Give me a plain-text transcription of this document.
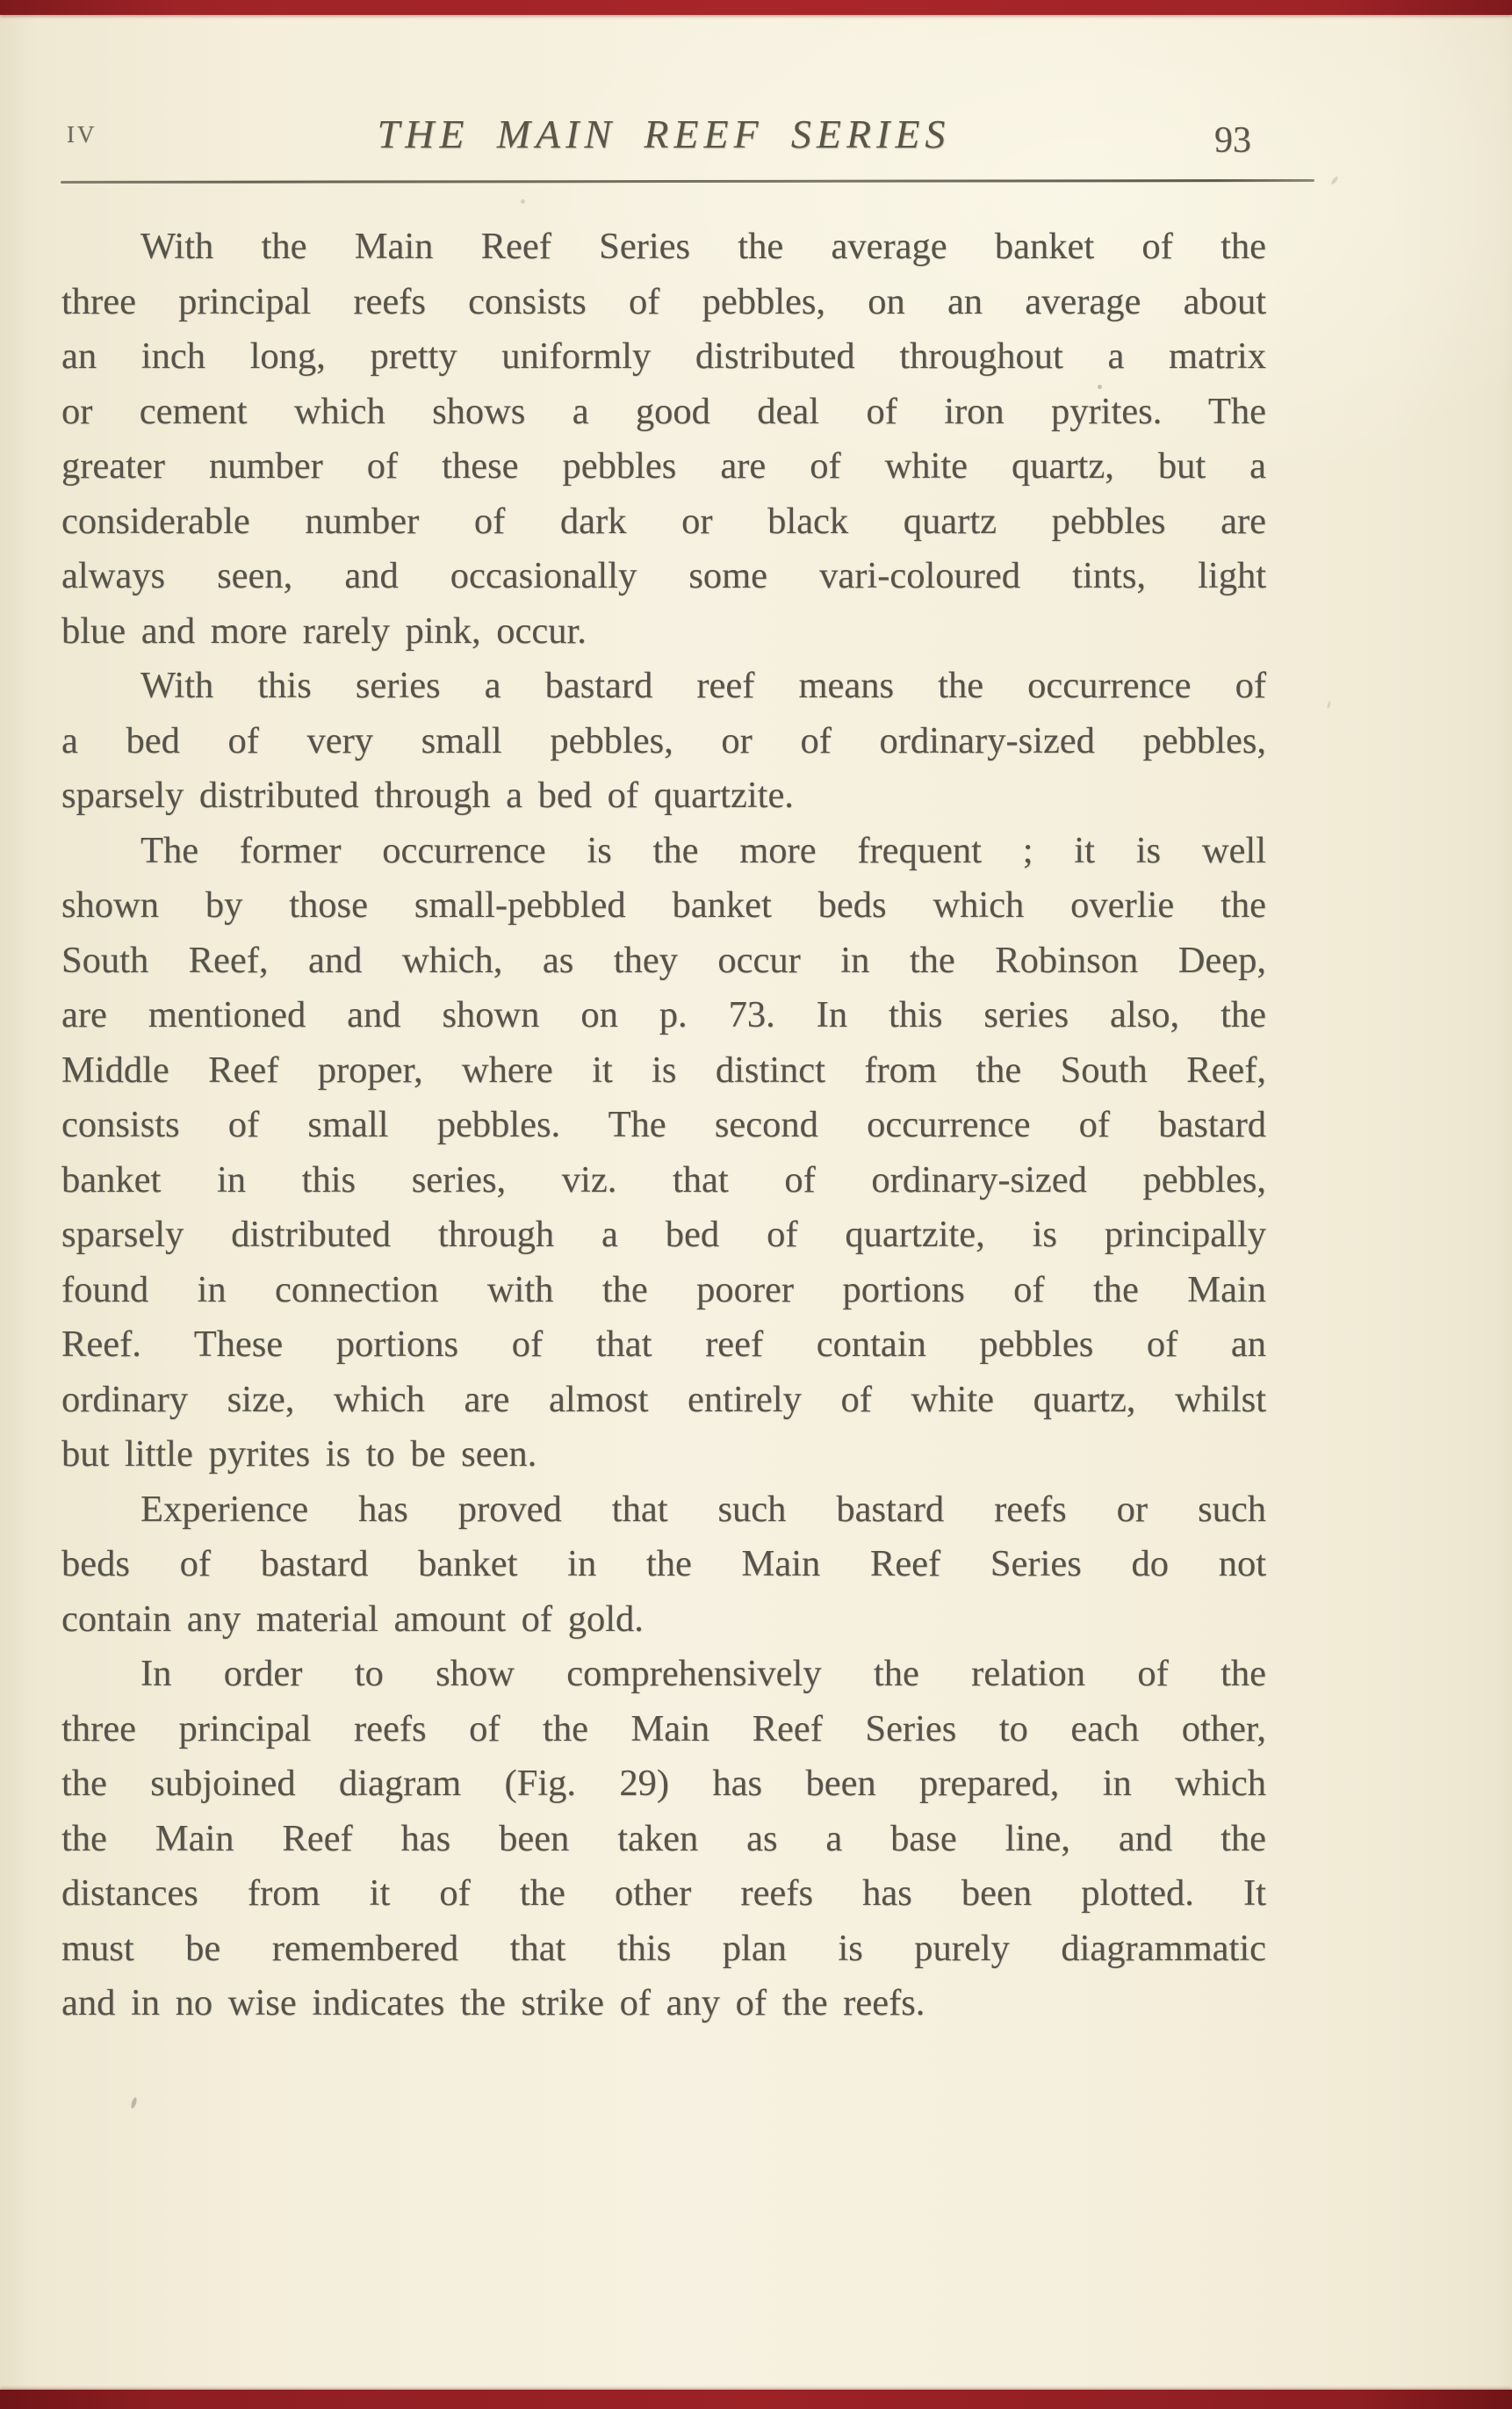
IV	THE MAIN REEF SERIES	93
With the Main Reef Series the average banket of the
three principal reefs consists of pebbles, on an average about
an inch long, pretty uniformly distributed throughout a matrix
or cement which shows a good deal of iron pyrites. The
greater number of these pebbles are of white quartz, but a
considerable number of dark or black quartz pebbles are
always seen, and occasionally some vari-coloured tints, light
blue and more rarely pink, occur.
With this series a bastard reef means the occurrence of
a bed of very small pebbles, or of ordinary-sized pebbles,
sparsely distributed through a bed of quartzite.
The former occurrence is the more frequent ; it is well
shown by those small-pebbled banket beds which overlie the
South Reef, and which, as they occur in the Robinson Deep,
are mentioned and shown on p. 73. In this series also, the
Middle Reef proper, where it is distinct from the South Reef,
consists of small pebbles. The second occurrence of bastard
banket in this series, viz. that of ordinary-sized pebbles,
sparsely distributed through a bed of quartzite, is principally
found in connection with the poorer portions of the Main
Reef. These portions of that reef contain pebbles of an
ordinary size, which are almost entirely of white quartz, whilst
but little pyrites is to be seen.
Experience has proved that such bastard reefs or such
beds of bastard banket in the Main Reef Series do not
contain any material amount of gold.
In order to show comprehensively the relation of the
three principal reefs of the Main Reef Series to each other,
the subjoined diagram (Fig. 29) has been prepared, in which
the Main Reef has been taken as a base line, and the
distances from it of the other reefs has been plotted. It
must be remembered that this plan is purely diagrammatic
and in no wise indicates the strike of any of the reefs.
